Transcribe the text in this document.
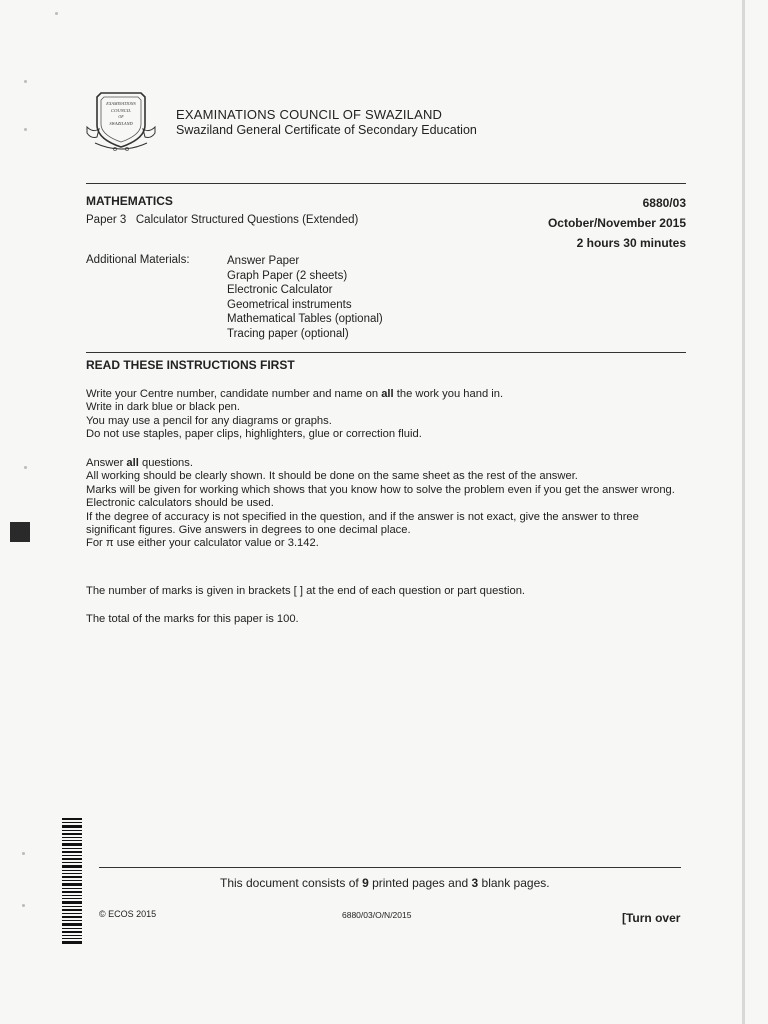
EXAMINATIONS
COUNCIL
OF
SWAZILAND
EXAMINATIONS COUNCIL OF SWAZILAND
Swaziland General Certificate of Secondary Education
MATHEMATICS
Paper 3 Calculator Structured Questions (Extended)
6880/03
October/November 2015
2 hours 30 minutes
Additional Materials:	Answer Paper
Graph Paper (2 sheets)
Electronic Calculator
Geometrical instruments
Mathematical Tables (optional)
Tracing paper (optional)
READ THESE INSTRUCTIONS FIRST

Write your Centre number, candidate number and name on all the work you hand in.

Write in dark blue or black pen.

You may use a pencil for any diagrams or graphs.

Do not use staples, paper clips, highlighters, glue or correction fluid.

Answer all questions.

All working should be clearly shown. It should be done on the same sheet as the rest of the answer.

Marks will be given for working which shows that you know how to solve the problem even if you get the answer wrong.

Electronic calculators should be used.

If the degree of accuracy is not specified in the question, and if the answer is not exact, give the answer to three significant figures. Give answers in degrees to one decimal place.

For π use either your calculator value or 3.142.

The number of marks is given in brackets [ ] at the end of each question or part question.
The total of the marks for this paper is 100.
This document consists of 9 printed pages and 3 blank pages.
© ECOS 2015	6880/03/O/N/2015	[Turn over
